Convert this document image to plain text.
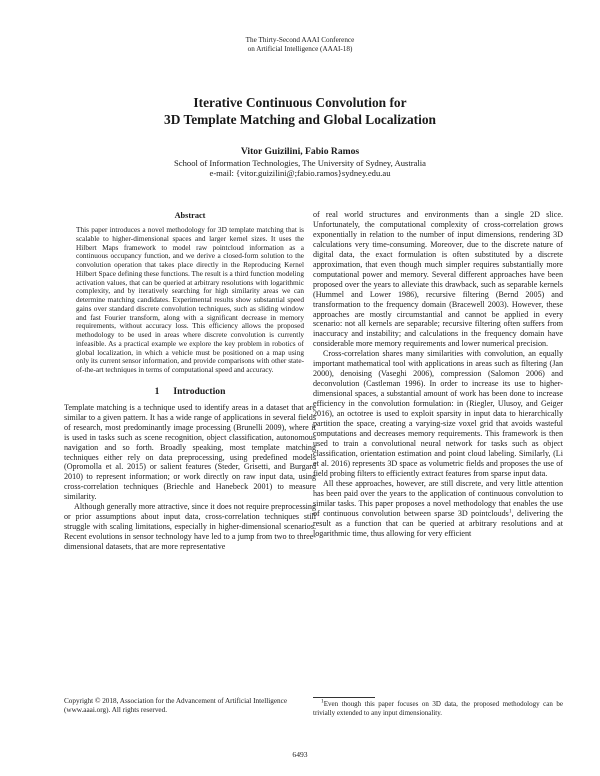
The Thirty-Second AAAI Conference
on Artificial Intelligence (AAAI-18)
Iterative Continuous Convolution for
3D Template Matching and Global Localization
Vitor Guizilini, Fabio Ramos
School of Information Technologies, The University of Sydney, Australia
e-mail: {vitor.guizilini@;fabio.ramos}sydney.edu.au
Abstract
This paper introduces a novel methodology for 3D template matching that is scalable to higher-dimensional spaces and larger kernel sizes. It uses the Hilbert Maps framework to model raw pointcloud information as a continuous occupancy function, and we derive a closed-form solution to the convolution operation that takes place directly in the Reproducing Kernel Hilbert Space defining these functions. The result is a third function modeling activation values, that can be queried at arbitrary resolutions with logarithmic complexity, and by iteratively searching for high similarity areas we can determine matching candidates. Experimental results show substantial speed gains over standard discrete convolution techniques, such as sliding window and fast Fourier transform, along with a significant decrease in memory requirements, without accuracy loss. This efficiency allows the proposed methodology to be used in areas where discrete convolution is currently infeasible. As a practical example we explore the key problem in robotics of global localization, in which a vehicle must be positioned on a map using only its current sensor information, and provide comparisons with other state-of-the-art techniques in terms of computational speed and accuracy.
1 Introduction
Template matching is a technique used to identify areas in a dataset that are similar to a given pattern. It has a wide range of applications in several fields of research, most predominantly image processing (Brunelli 2009), where it is used in tasks such as scene recognition, object classification, autonomous navigation and so forth. Broadly speaking, most template matching techniques either rely on data preprocessing, using predefined models (Opromolla et al. 2015) or salient features (Steder, Grisetti, and Burgard 2010) to represent information; or work directly on raw input data, using cross-correlation techniques (Briechle and Hanebeck 2001) to measure similarity.
Although generally more attractive, since it does not require preprocessing or prior assumptions about input data, cross-correlation techniques still struggle with scaling limitations, especially in higher-dimensional scenarios. Recent evolutions in sensor technology have led to a jump from two to three-dimensional datasets, that are more representative
of real world structures and environments than a single 2D slice. Unfortunately, the computational complexity of cross-correlation grows exponentially in relation to the number of input dimensions, rendering 3D calculations very time-consuming. Moreover, due to the discrete nature of digital data, the exact formulation is often substituted by a discrete approximation, that even though much simpler requires substantially more computational power and memory. Several different approaches have been proposed over the years to alleviate this drawback, such as separable kernels (Hummel and Lower 1986), recursive filtering (Bernd 2005) and transformation to the frequency domain (Bracewell 2003). However, these approaches are mostly circumstantial and cannot be applied in every scenario: not all kernels are separable; recursive filtering often suffers from inaccuracy and instability; and calculations in the frequency domain have considerable more memory requirements and lower numerical precision.
Cross-correlation shares many similarities with convolution, an equally important mathematical tool with applications in areas such as filtering (Jan 2000), denoising (Vaseghi 2006), compression (Salomon 2006) and deconvolution (Castleman 1996). In order to increase its use to higher-dimensional spaces, a substantial amount of work has been done to increase efficiency in the convolution formulation: in (Riegler, Ulusoy, and Geiger 2016), an octotree is used to exploit sparsity in input data to hierarchically partition the space, creating a varying-size voxel grid that avoids wasteful computations and decreases memory requirements. This framework is then used to train a convolutional neural network for tasks such as object classification, orientation estimation and point cloud labeling. Similarly, (Li et al. 2016) represents 3D space as volumetric fields and proposes the use of field probing filters to efficiently extract features from sparse input data.
All these approaches, however, are still discrete, and very little attention has been paid over the years to the application of continuous convolution to similar tasks. This paper proposes a novel methodology that enables the use of continuous convolution between sparse 3D pointclouds$^1$, delivering the result as a function that can be queried at arbitrary resolutions and at logarithmic time, thus allowing for very efficient
Copyright © 2018, Association for the Advancement of Artificial Intelligence (www.aaai.org). All rights reserved.
$^1$Even though this paper focuses on 3D data, the proposed methodology can be trivially extended to any input dimensionality.
6493
